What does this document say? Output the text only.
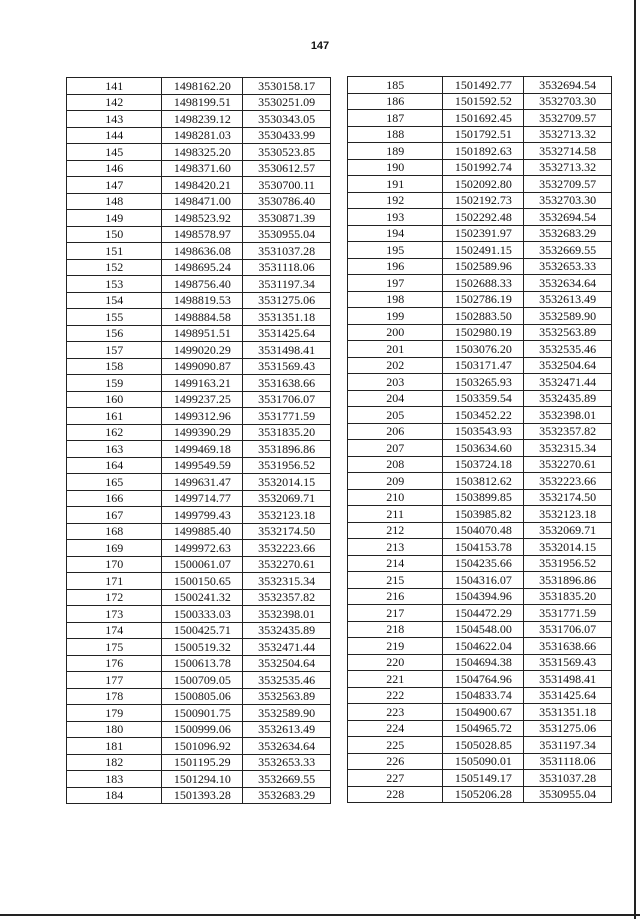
147
141	1498162.20	3530158.17
142	1498199.51	3530251.09
143	1498239.12	3530343.05
144	1498281.03	3530433.99
145	1498325.20	3530523.85
146	1498371.60	3530612.57
147	1498420.21	3530700.11
148	1498471.00	3530786.40
149	1498523.92	3530871.39
150	1498578.97	3530955.04
151	1498636.08	3531037.28
152	1498695.24	3531118.06
153	1498756.40	3531197.34
154	1498819.53	3531275.06
155	1498884.58	3531351.18
156	1498951.51	3531425.64
157	1499020.29	3531498.41
158	1499090.87	3531569.43
159	1499163.21	3531638.66
160	1499237.25	3531706.07
161	1499312.96	3531771.59
162	1499390.29	3531835.20
163	1499469.18	3531896.86
164	1499549.59	3531956.52
165	1499631.47	3532014.15
166	1499714.77	3532069.71
167	1499799.43	3532123.18
168	1499885.40	3532174.50
169	1499972.63	3532223.66
170	1500061.07	3532270.61
171	1500150.65	3532315.34
172	1500241.32	3532357.82
173	1500333.03	3532398.01
174	1500425.71	3532435.89
175	1500519.32	3532471.44
176	1500613.78	3532504.64
177	1500709.05	3532535.46
178	1500805.06	3532563.89
179	1500901.75	3532589.90
180	1500999.06	3532613.49
181	1501096.92	3532634.64
182	1501195.29	3532653.33
183	1501294.10	3532669.55
184	1501393.28	3532683.29
185	1501492.77	3532694.54
186	1501592.52	3532703.30
187	1501692.45	3532709.57
188	1501792.51	3532713.32
189	1501892.63	3532714.58
190	1501992.74	3532713.32
191	1502092.80	3532709.57
192	1502192.73	3532703.30
193	1502292.48	3532694.54
194	1502391.97	3532683.29
195	1502491.15	3532669.55
196	1502589.96	3532653.33
197	1502688.33	3532634.64
198	1502786.19	3532613.49
199	1502883.50	3532589.90
200	1502980.19	3532563.89
201	1503076.20	3532535.46
202	1503171.47	3532504.64
203	1503265.93	3532471.44
204	1503359.54	3532435.89
205	1503452.22	3532398.01
206	1503543.93	3532357.82
207	1503634.60	3532315.34
208	1503724.18	3532270.61
209	1503812.62	3532223.66
210	1503899.85	3532174.50
211	1503985.82	3532123.18
212	1504070.48	3532069.71
213	1504153.78	3532014.15
214	1504235.66	3531956.52
215	1504316.07	3531896.86
216	1504394.96	3531835.20
217	1504472.29	3531771.59
218	1504548.00	3531706.07
219	1504622.04	3531638.66
220	1504694.38	3531569.43
221	1504764.96	3531498.41
222	1504833.74	3531425.64
223	1504900.67	3531351.18
224	1504965.72	3531275.06
225	1505028.85	3531197.34
226	1505090.01	3531118.06
227	1505149.17	3531037.28
228	1505206.28	3530955.04
